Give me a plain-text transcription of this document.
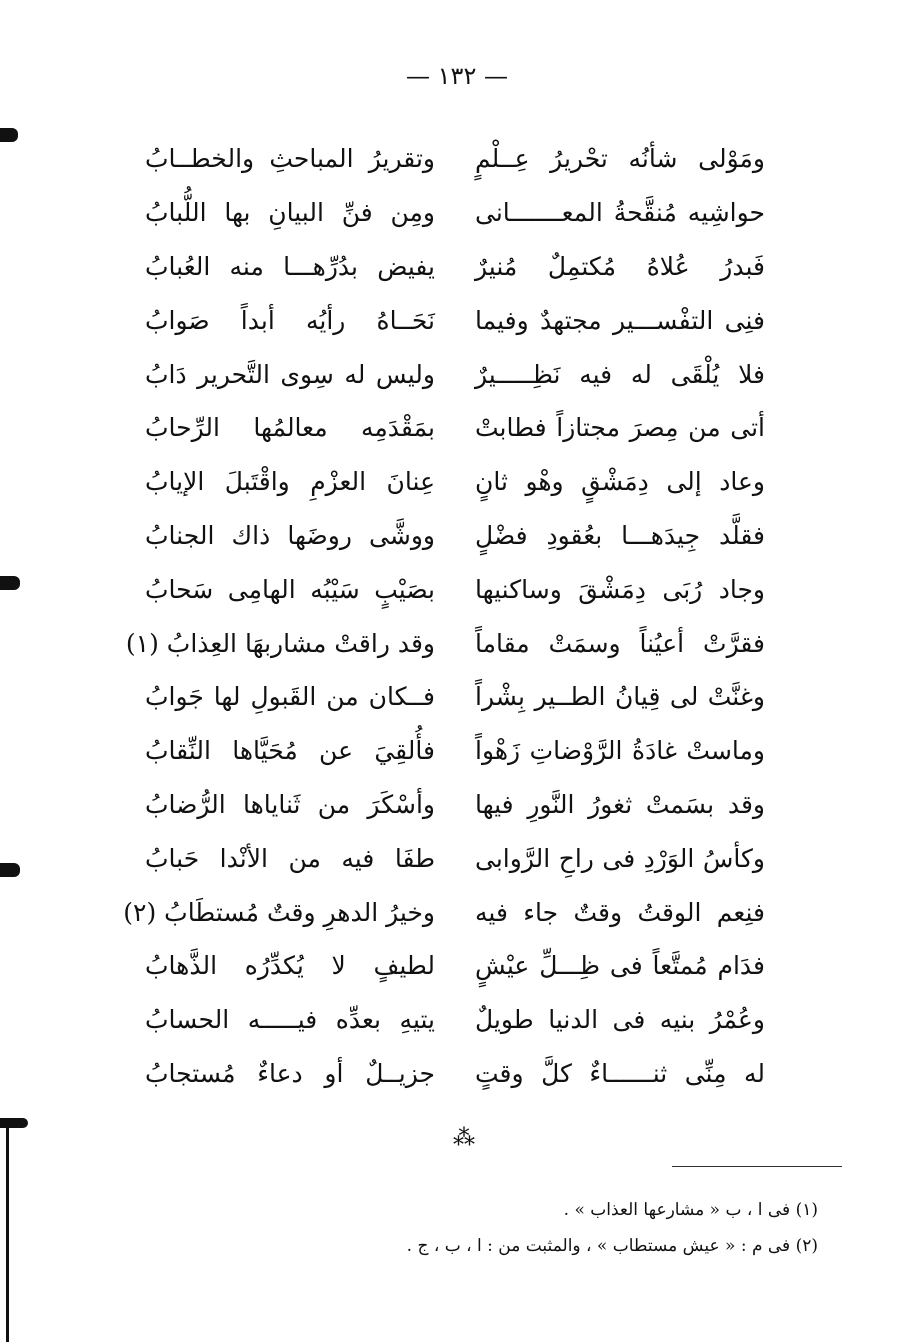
— ١٣٢ —
ومَوْلى شأنُه تحْريرُ عِــلْمٍ
وتقريرُ المباحثِ والخطــابُ
حواشِيه مُنقَّحةُ المعـــــــانى
ومِن فنِّ البيانِ بها اللُّبابُ
فَبدرُ عُلاهُ مُكتمِلٌ مُنيرٌ
يفيض بدُرِّهـــا منه العُبابُ
فنِى التفْســـير مجتهدٌ وفيما
نَحَــاهُ رأيُه أبداً صَوابُ
فلا يُلْقَى له فيه نَظِـــــيرٌ
وليس له سِوى التَّحرير دَابُ
أتى من مِصرَ مجتازاً فطابتْ
بمَقْدَمِه معالمُها الرِّحابُ
وعاد إلى دِمَشْقٍ وهْو ثانٍ
عِنانَ العزْمِ واقْتَبلَ الإيابُ
فقلَّد جِيدَهـــا بعُقودِ فضْلٍ
ووشَّى روضَها ذاك الجنابُ
وجاد رُبَى دِمَشْقَ وساكنيها
بصَيْبٍ سَيْبُه الهامِى سَحابُ
فقرَّتْ أعيُناً وسمَتْ مقاماً
وقد راقتْ مشاربهَا العِذابُ (١)
وغنَّتْ لى قِيانُ الطــير بِشْراً
فــكان من القَبولِ لها جَوابُ
وماستْ غادَةُ الرَّوْضاتِ زَهْواً
فأُلقِيَ عن مُحَيَّاها النِّقابُ
وقد بسَمتْ ثغورُ النَّورِ فيها
وأسْكَرَ من ثَناياها الرُّضابُ
وكأسُ الوَرْدِ فى راحِ الرَّوابى
طفَا فيه من الأنْدا حَبابُ
فنِعم الوقتُ وقتٌ جاء فيه
وخيرُ الدهرِ وقتٌ مُستطَابُ (٢)
فدَام مُمتَّعاً فى ظِـــلِّ عيْشٍ
لطيفٍ لا يُكدِّرُه الذَّهابُ
وعُمْرُ بنيه فى الدنيا طويلٌ
يتيهِ بعدِّه فيـــــه الحسابُ
له مِنِّى ثنــــــاءٌ كلَّ وقتٍ
جزيــلٌ أو دعاءٌ مُستجابُ
⁂
(١) فى ا ، ب « مشارعها العذاب » .
(٢) فى م : « عيش مستطاب » ، والمثبت من : ا ، ب ، ج .
